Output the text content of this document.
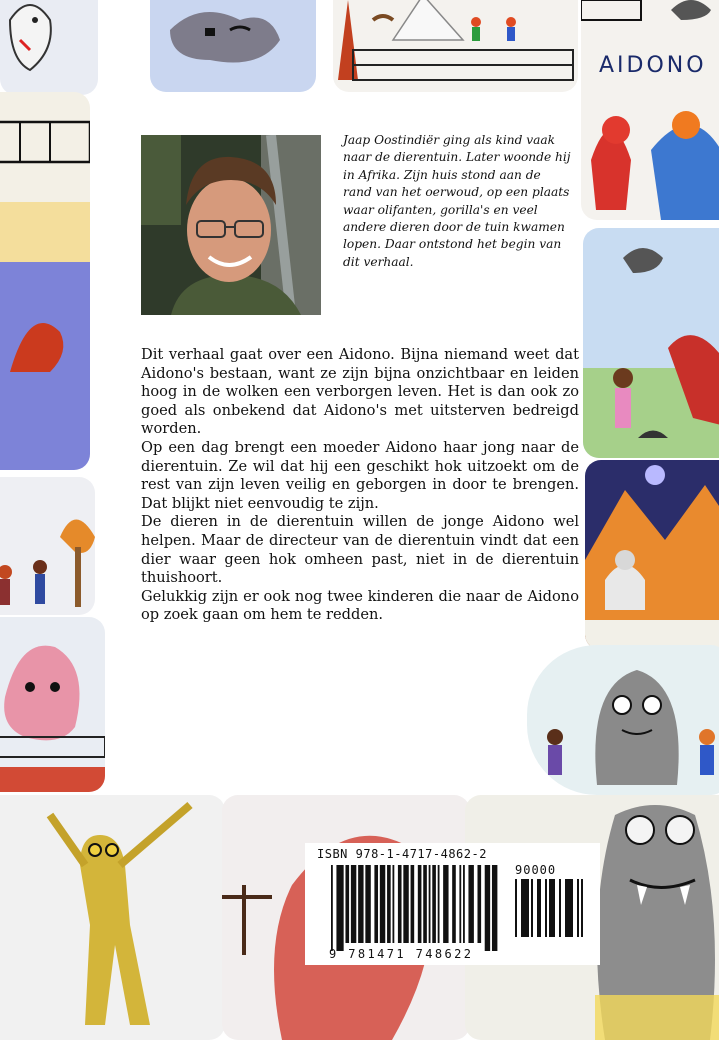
AIDONO

Jaap Oostindiër ging als kind vaak naar de dierentuin. Later woonde hij in Afrika. Zijn huis stond aan de rand van het oerwoud, op een plaats waar olifanten, gorilla's en veel andere dieren door de tuin kwamen lopen. Daar ontstond het begin van dit verhaal.

Dit verhaal gaat over een Aidono. Bijna niemand weet dat Aidono's bestaan, want ze zijn bijna onzichtbaar en leiden hoog in de wolken een verborgen leven. Het is dan ook zo goed als onbekend dat Aidono's met uitsterven bedreigd worden.

Op een dag brengt een moeder Aidono haar jong naar de dierentuin. Ze wil dat hij een geschikt hok uitzoekt om de rest van zijn leven veilig en geborgen in door te brengen. Dat blijkt niet eenvoudig te zijn.

De dieren in de dierentuin willen de jonge Aidono wel helpen. Maar de directeur van de dierentuin vindt dat een dier waar geen hok omheen past, niet in de dierentuin thuishoort.

Gelukkig zijn er ook nog twee kinderen die naar de Aidono op zoek gaan om hem te redden.

ISBN 978-1-4717-4862-2
90000
9 781471 748622
